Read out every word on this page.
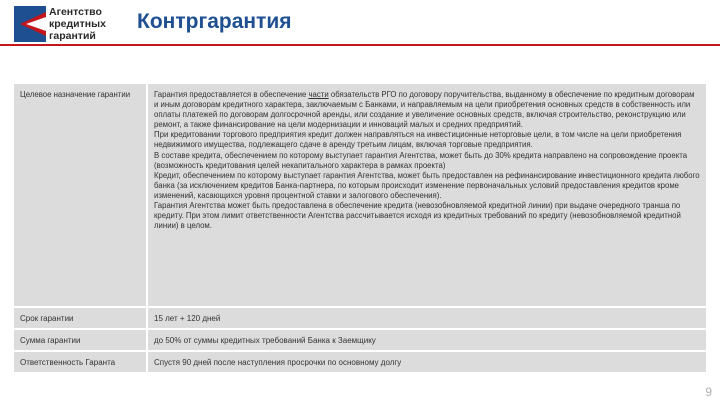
Агентство
кредитных
гарантий
Контргарантия
Целевое назначение гарантии	Гарантия предоставляется в обеспечение части обязательств РГО по договору поручительства, выданному в обеспечение по кредитным договорам и иным договорам кредитного характера, заключаемым с Банками, и направляемым на цели приобретения основных средств в собственность или оплаты платежей по договорам долгосрочной аренды, или создание и увеличение основных средств, включая строительство, реконструкцию или ремонт, а также финансирование на цели модернизации и инноваций малых и средних предприятий.

При кредитовании торгового предприятия кредит должен направляться на инвестиционные неторговые цели, в том числе на цели приобретения недвижимого имущества, подлежащего сдаче в аренду третьим лицам, включая торговые предприятия.

В составе кредита, обеспечением по которому выступает гарантия Агентства, может быть до 30% кредита направлено на сопровождение проекта (возможность кредитования целей некапитального характера в рамках проекта)

Кредит, обеспечением по которому выступает гарантия Агентства, может быть предоставлен на рефинансирование инвестиционного кредита любого банка (за исключением кредитов Банка-партнера, по которым происходит изменение первоначальных условий предоставления кредитов кроме изменений, касающихся уровня процентной ставки и залогового обеспечения).

Гарантия Агентства может быть предоставлена в обеспечение кредита (невозобновляемой кредитной линии) при выдаче очередного транша по кредиту. При этом лимит ответственности Агентства рассчитывается исходя из кредитных требований по кредиту (невозобновляемой кредитной линии) в целом.

Срок гарантии	15 лет + 120 дней
Сумма гарантии	до 50% от суммы кредитных требований Банка к Заемщику
Ответственность Гаранта	Спустя 90 дней после наступления просрочки по основному долгу
9
